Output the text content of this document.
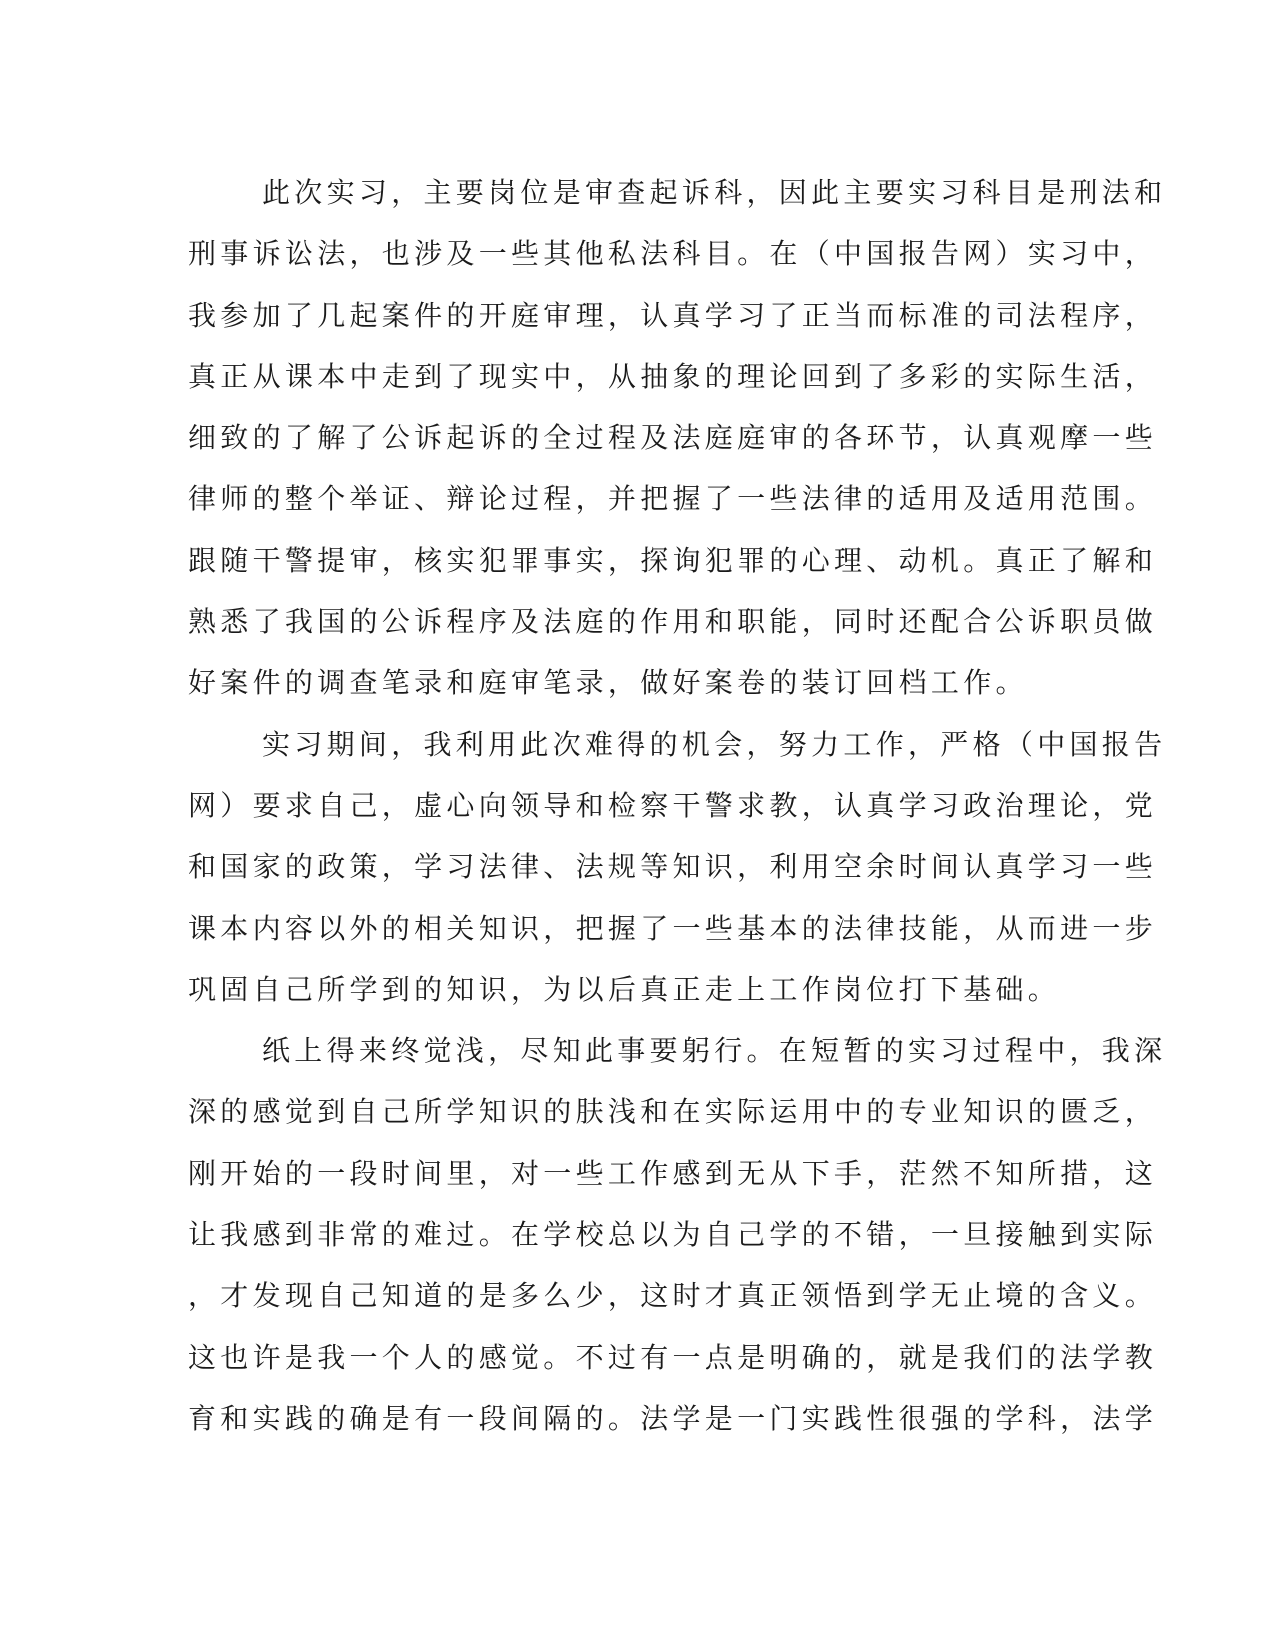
此次实习，主要岗位是审查起诉科，因此主要实习科目是刑法和
刑事诉讼法，也涉及一些其他私法科目。在（中国报告网）实习中，
我参加了几起案件的开庭审理，认真学习了正当而标准的司法程序，
真正从课本中走到了现实中，从抽象的理论回到了多彩的实际生活，
细致的了解了公诉起诉的全过程及法庭庭审的各环节，认真观摩一些
律师的整个举证、辩论过程，并把握了一些法律的适用及适用范围。
跟随干警提审，核实犯罪事实，探询犯罪的心理、动机。真正了解和
熟悉了我国的公诉程序及法庭的作用和职能，同时还配合公诉职员做
好案件的调查笔录和庭审笔录，做好案卷的装订回档工作。
实习期间，我利用此次难得的机会，努力工作，严格（中国报告
网）要求自己，虚心向领导和检察干警求教，认真学习政治理论，党
和国家的政策，学习法律、法规等知识，利用空余时间认真学习一些
课本内容以外的相关知识，把握了一些基本的法律技能，从而进一步
巩固自己所学到的知识，为以后真正走上工作岗位打下基础。
纸上得来终觉浅，尽知此事要躬行。在短暂的实习过程中，我深
深的感觉到自己所学知识的肤浅和在实际运用中的专业知识的匮乏，
刚开始的一段时间里，对一些工作感到无从下手，茫然不知所措，这
让我感到非常的难过。在学校总以为自己学的不错，一旦接触到实际
，才发现自己知道的是多么少，这时才真正领悟到学无止境的含义。
这也许是我一个人的感觉。不过有一点是明确的，就是我们的法学教
育和实践的确是有一段间隔的。法学是一门实践性很强的学科，法学
